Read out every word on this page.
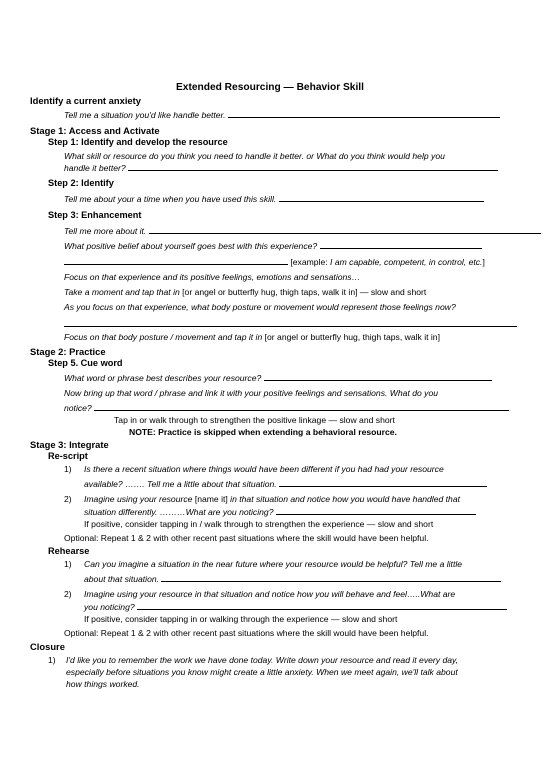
Extended Resourcing — Behavior Skill
Identify a current anxiety
Tell me a situation you'd like handle better.
Stage 1: Access and Activate
Step 1: Identify and develop the resource
What skill or resource do you think you need to handle it better. or What do you think would help you
handle it better?
Step 2: Identify
Tell me about your a time when you have used this skill.
Step 3: Enhancement
Tell me more about it.
What positive belief about yourself goes best with this experience?
[example: I am capable, competent, in control, etc.]
Focus on that experience and its positive feelings, emotions and sensations…
Take a moment and tap that in [or angel or butterfly hug, thigh taps, walk it in] — slow and short
As you focus on that experience, what body posture or movement would represent those feelings now?
Focus on that body posture / movement and tap it in [or angel or butterfly hug, thigh taps, walk it in]
Stage 2: Practice
Step 5. Cue word
What word or phrase best describes your resource?
Now bring up that word / phrase and link it with your positive feelings and sensations. What do you
notice?
Tap in or walk through to strengthen the positive linkage — slow and short
NOTE: Practice is skipped when extending a behavioral resource.
Stage 3: Integrate
Re-script
1) Is there a recent situation where things would have been different if you had had your resource
available? ……. Tell me a little about that situation.
2) Imagine using your resource [name it] in that situation and notice how you would have handled that
situation differently. ………What are you noticing?
If positive, consider tapping in / walk through to strengthen the experience — slow and short
Optional: Repeat 1 & 2 with other recent past situations where the skill would have been helpful.
Rehearse
1) Can you imagine a situation in the near future where your resource would be helpful? Tell me a little
about that situation.
2) Imagine using your resource in that situation and notice how you will behave and feel…..What are
you noticing?
If positive, consider tapping in or walking through the experience — slow and short
Optional: Repeat 1 & 2 with other recent past situations where the skill would have been helpful.
Closure
1) I'd like you to remember the work we have done today. Write down your resource and read it every day,
especially before situations you know might create a little anxiety. When we meet again, we'll talk about
how things worked.
